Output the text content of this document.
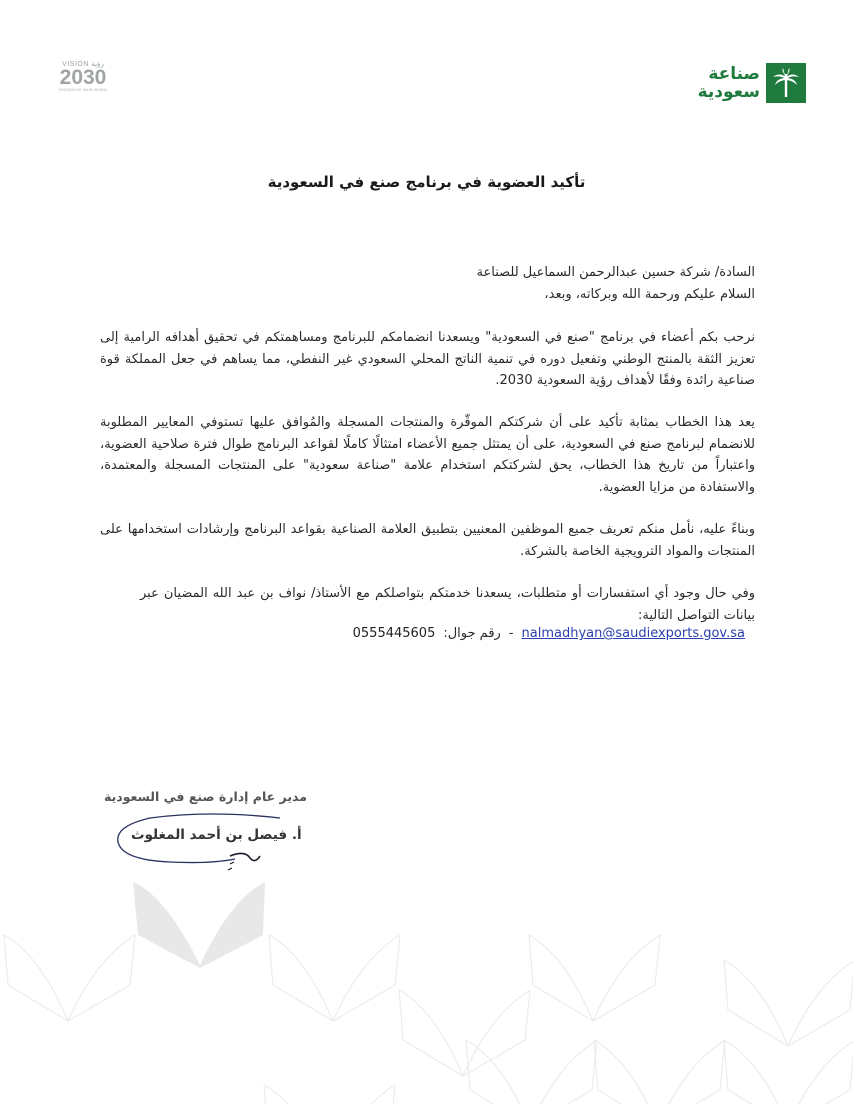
VISION رؤية
2030
KINGDOM OF SAUDI ARABIA
صناعة
سعودية
تأكيد العضوية في برنامج صنع في السعودية
السادة/ شركة حسين عبدالرحمن السماعيل للصناعة
السلام عليكم ورحمة الله وبركاته، وبعد،
نرحب بكم أعضاء في برنامج "صنع في السعودية" ويسعدنا انضمامكم للبرنامج ومساهمتكم في تحقيق أهدافه الرامية إلى تعزيز الثقة بالمنتج الوطني وتفعيل دوره في تنمية الناتج المحلي السعودي غير النفطي، مما يساهم في جعل المملكة قوة صناعية رائدة وفقًا لأهداف رؤية السعودية 2030.
يعد هذا الخطاب بمثابة تأكيد على أن شركتكم الموقّرة والمنتجات المسجلة والمُوافق عليها تستوفي المعايير المطلوبة للانضمام لبرنامج صنع في السعودية، على أن يمتثل جميع الأعضاء امتثالًا كاملًا لقواعد البرنامج طوال فترة صلاحية العضوية، واعتباراً من تاريخ هذا الخطاب، يحق لشركتكم استخدام علامة "صناعة سعودية" على المنتجات المسجلة والمعتمدة، والاستفادة من مزايا العضوية.
وبناءً عليه، نأمل منكم تعريف جميع الموظفين المعنيين بتطبيق العلامة الصناعية بقواعد البرنامج وإرشادات استخدامها على المنتجات والمواد الترويجية الخاصة بالشركة.
وفي حال وجود أي استفسارات أو متطلبات، يسعدنا خدمتكم بتواصلكم مع الأستاذ/ نواف بن عبد الله المضيان عبر بيانات التواصل التالية:
nalmadhyan@saudiexports.gov.sa
-
رقم جوال:
0555445605
مدير عام إدارة صنع في السعودية
أ. فيصل بن أحمد المغلوث
